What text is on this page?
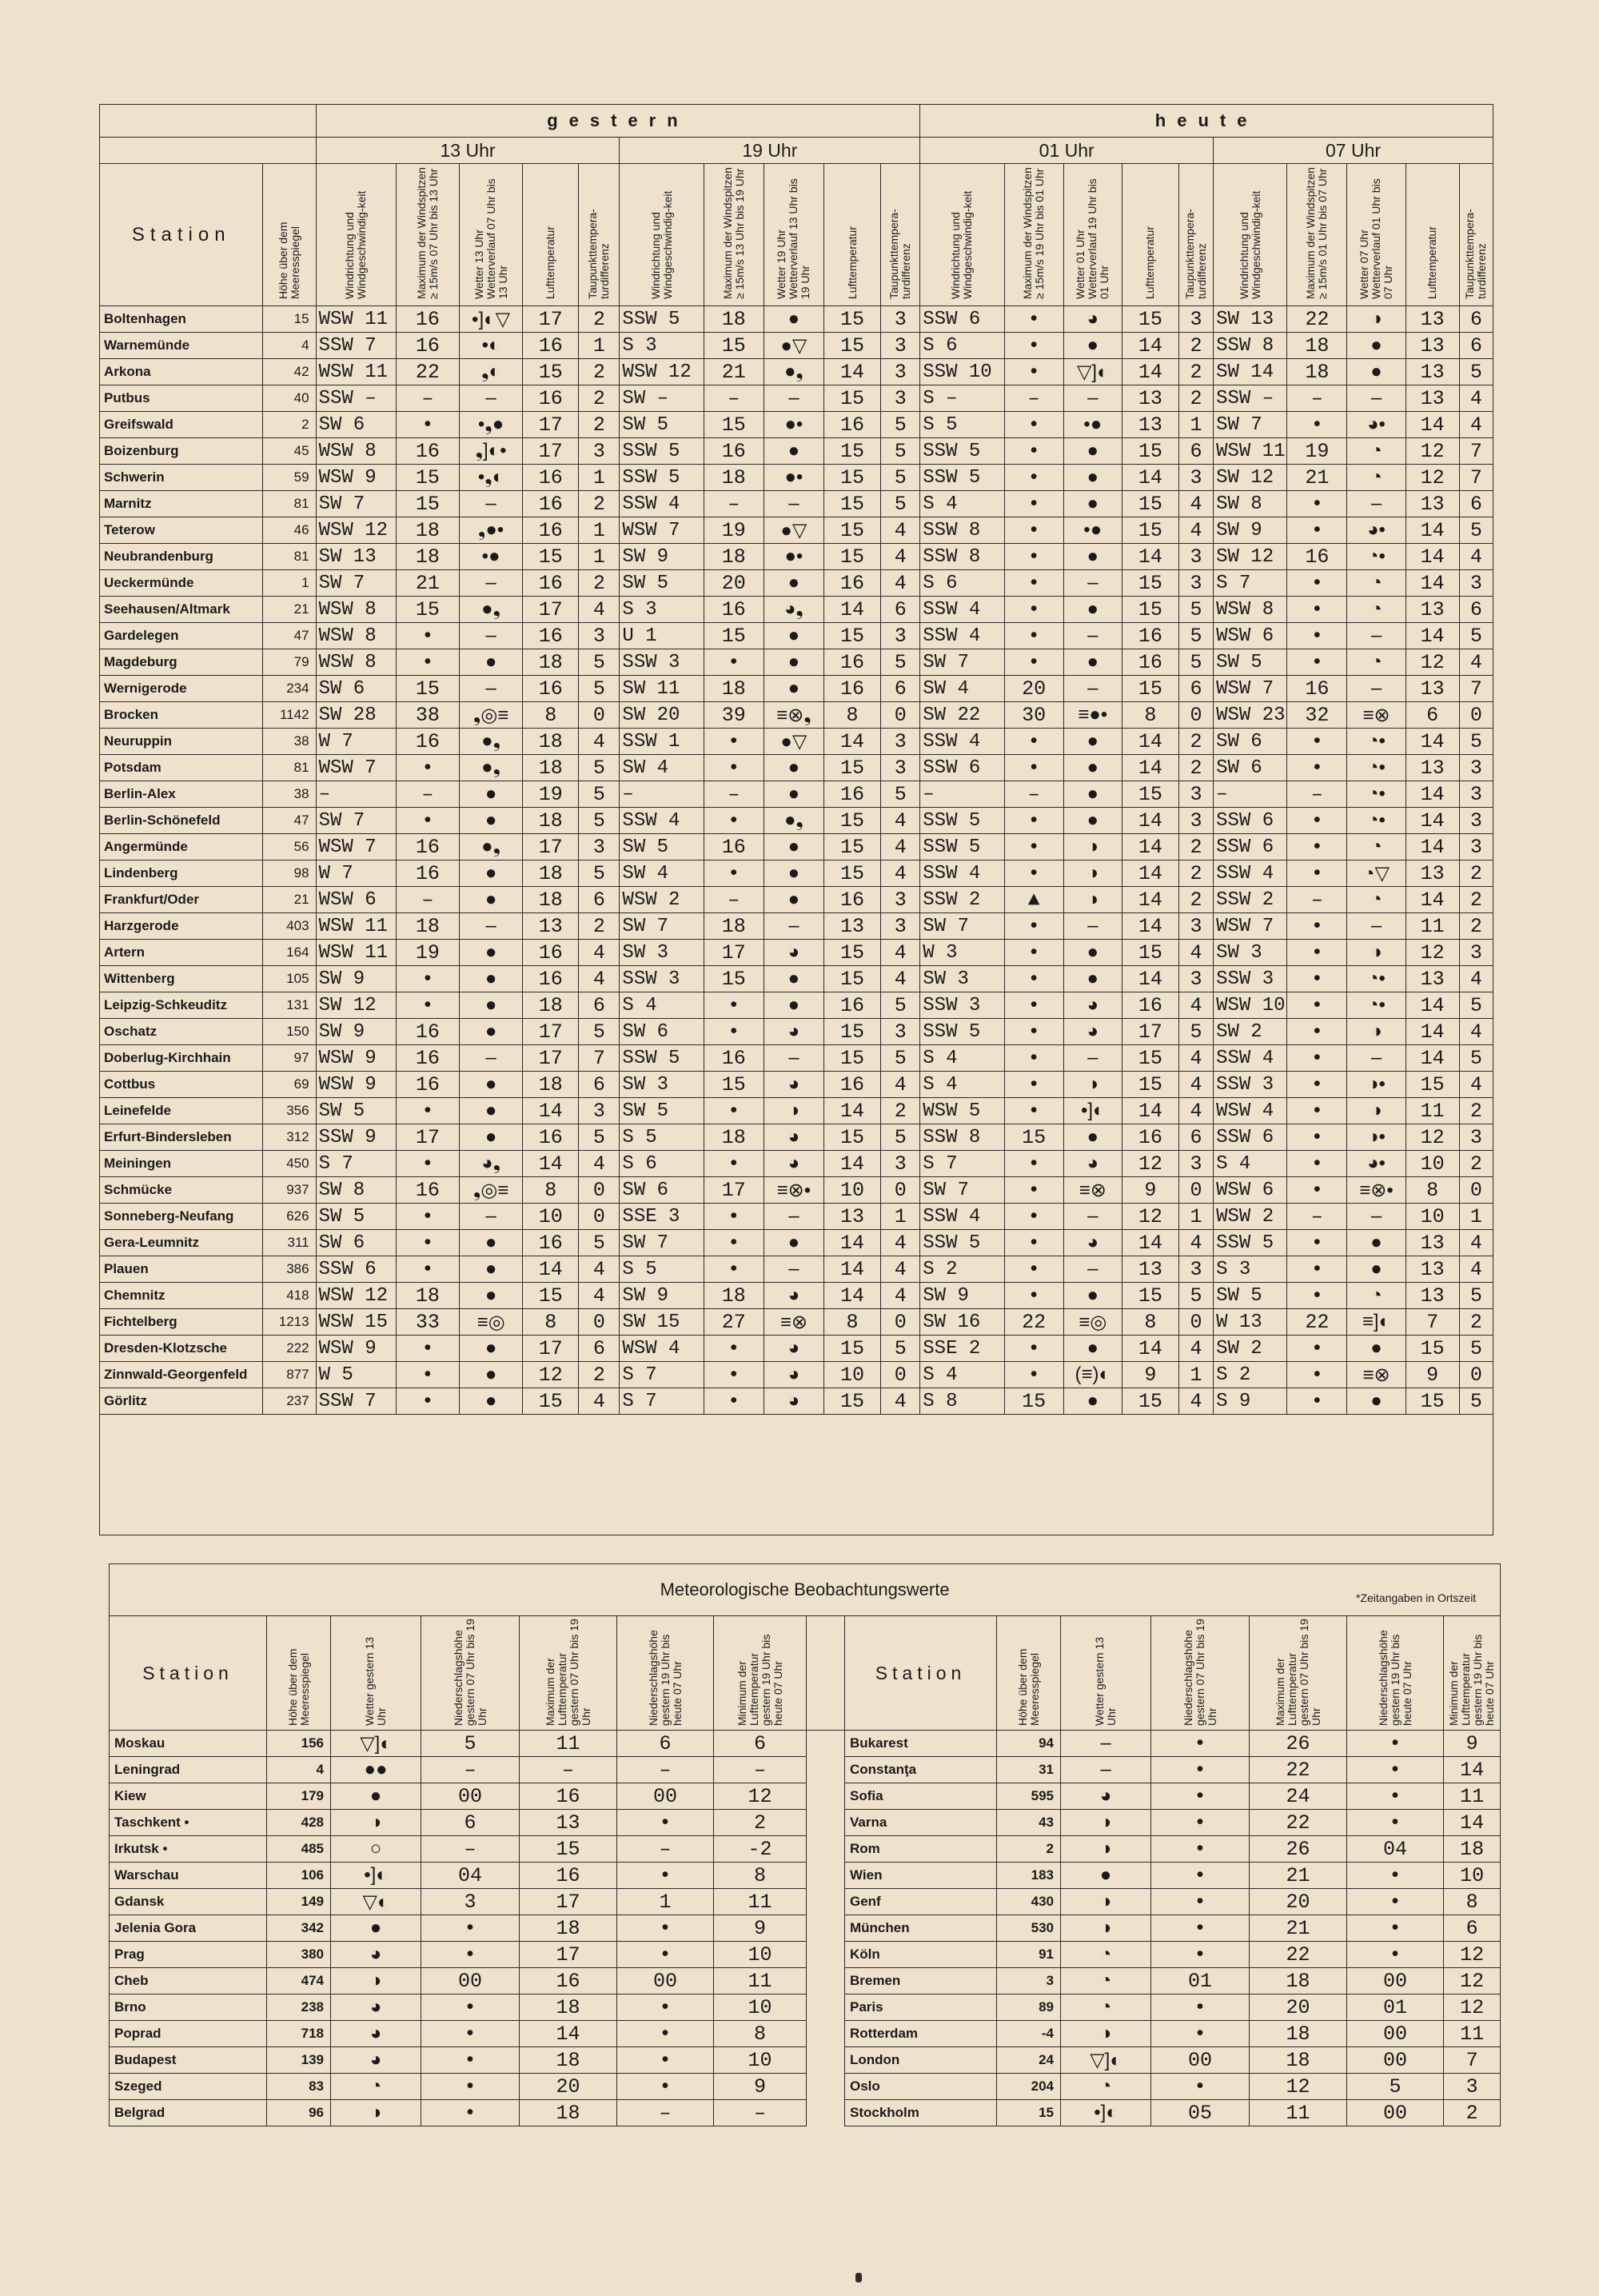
		gestern										heute									
		13 Uhr					19 Uhr					01 Uhr					07 Uhr				
Station	Höhe über dem Meeresspiegel	Windrichtung und Windgeschwindig-keit	Maximum der Windspitzen ≥ 15m/s 07 Uhr bis 13 Uhr	Wetter 13 Uhr Wetterverlauf 07 Uhr bis 13 Uhr	Lufttemperatur	Taupunkttempera-turdifferenz	Windrichtung und Windgeschwindig-keit	Maximum der Windspitzen ≥ 15m/s 13 Uhr bis 19 Uhr	Wetter 19 Uhr Wetterverlauf 13 Uhr bis 19 Uhr	Lufttemperatur	Taupunkttempera-turdifferenz	Windrichtung und Windgeschwindig-keit	Maximum der Windspitzen ≥ 15m/s 19 Uhr bis 01 Uhr	Wetter 01 Uhr Wetterverlauf 19 Uhr bis 01 Uhr	Lufttemperatur	Taupunkttempera-turdifferenz	Windrichtung und Windgeschwindig-keit	Maximum der Windspitzen ≥ 15m/s 01 Uhr bis 07 Uhr	Wetter 07 Uhr Wetterverlauf 01 Uhr bis 07 Uhr	Lufttemperatur	Taupunkttempera-turdifferenz
Boltenhagen	15	WSW 11	16	•]◐▽	17	2	SSW 5	18	●	15	3	SSW 6	•	◕	15	3	SW 13	22	◑	13	6
Warnemünde	4	SSW 7	16	•◐	16	1	S 3	15	●▽	15	3	S 6	•	●	14	2	SSW 8	18	●	13	6
Arkona	42	WSW 11	22	❟◐	15	2	WSW 12	21	●❟	14	3	SSW 10	•	▽]◐	14	2	SW 14	18	●	13	5
Putbus	40	SSW –	–	–	16	2	SW –	–	–	15	3	S –	–	–	13	2	SSW –	–	–	13	4
Greifswald	2	SW 6	•	•❟●	17	2	SW 5	15	●•	16	5	S 5	•	•●	13	1	SW 7	•	◕•	14	4
Boizenburg	45	WSW 8	16	❟]◐•	17	3	SSW 5	16	●	15	5	SSW 5	•	●	15	6	WSW 11	19	◔	12	7
Schwerin	59	WSW 9	15	•❟◐	16	1	SSW 5	18	●•	15	5	SSW 5	•	●	14	3	SW 12	21	◔	12	7
Marnitz	81	SW 7	15	–	16	2	SSW 4	–	–	15	5	S 4	•	●	15	4	SW 8	•	–	13	6
Teterow	46	WSW 12	18	❟●•	16	1	WSW 7	19	●▽	15	4	SSW 8	•	•●	15	4	SW 9	•	◕•	14	5
Neubrandenburg	81	SW 13	18	•●	15	1	SW 9	18	●•	15	4	SSW 8	•	●	14	3	SW 12	16	◔•	14	4
Ueckermünde	1	SW 7	21	–	16	2	SW 5	20	●	16	4	S 6	•	–	15	3	S 7	•	◔	14	3
Seehausen/Altmark	21	WSW 8	15	●❟	17	4	S 3	16	◕❟	14	6	SSW 4	•	●	15	5	WSW 8	•	◔	13	6
Gardelegen	47	WSW 8	•	–	16	3	U 1	15	●	15	3	SSW 4	•	–	16	5	WSW 6	•	–	14	5
Magdeburg	79	WSW 8	•	●	18	5	SSW 3	•	●	16	5	SW 7	•	●	16	5	SW 5	•	◔	12	4
Wernigerode	234	SW 6	15	–	16	5	SW 11	18	●	16	6	SW 4	20	–	15	6	WSW 7	16	–	13	7
Brocken	1142	SW 28	38	❟◎≡	8	0	SW 20	39	≡⊗❟	8	0	SW 22	30	≡●•	8	0	WSW 23	32	≡⊗	6	0
Neuruppin	38	W 7	16	●❟	18	4	SSW 1	•	●▽	14	3	SSW 4	•	●	14	2	SW 6	•	◔•	14	5
Potsdam	81	WSW 7	•	●❟	18	5	SW 4	•	●	15	3	SSW 6	•	●	14	2	SW 6	•	◔•	13	3
Berlin-Alex	38	–	–	●	19	5	–	–	●	16	5	–	–	●	15	3	–	–	◔•	14	3
Berlin-Schönefeld	47	SW 7	•	●	18	5	SSW 4	•	●❟	15	4	SSW 5	•	●	14	3	SSW 6	•	◔•	14	3
Angermünde	56	WSW 7	16	●❟	17	3	SW 5	16	●	15	4	SSW 5	•	◑	14	2	SSW 6	•	◔	14	3
Lindenberg	98	W 7	16	●	18	5	SW 4	•	●	15	4	SSW 4	•	◑	14	2	SSW 4	•	◔▽	13	2
Frankfurt/Oder	21	WSW 6	–	●	18	6	WSW 2	–	●	16	3	SSW 2	▲	◑	14	2	SSW 2	–	◔	14	2
Harzgerode	403	WSW 11	18	–	13	2	SW 7	18	–	13	3	SW 7	•	–	14	3	WSW 7	•	–	11	2
Artern	164	WSW 11	19	●	16	4	SW 3	17	◕	15	4	W 3	•	●	15	4	SW 3	•	◑	12	3
Wittenberg	105	SW 9	•	●	16	4	SSW 3	15	●	15	4	SW 3	•	●	14	3	SSW 3	•	◔•	13	4
Leipzig-Schkeuditz	131	SW 12	•	●	18	6	S 4	•	●	16	5	SSW 3	•	◕	16	4	WSW 10	•	◔•	14	5
Oschatz	150	SW 9	16	●	17	5	SW 6	•	◕	15	3	SSW 5	•	◕	17	5	SW 2	•	◑	14	4
Doberlug-Kirchhain	97	WSW 9	16	–	17	7	SSW 5	16	–	15	5	S 4	•	–	15	4	SSW 4	•	–	14	5
Cottbus	69	WSW 9	16	●	18	6	SW 3	15	◕	16	4	S 4	•	◑	15	4	SSW 3	•	◑•	15	4
Leinefelde	356	SW 5	•	●	14	3	SW 5	•	◑	14	2	WSW 5	•	•]◐	14	4	WSW 4	•	◑	11	2
Erfurt-Bindersleben	312	SSW 9	17	●	16	5	S 5	18	◕	15	5	SSW 8	15	●	16	6	SSW 6	•	◑•	12	3
Meiningen	450	S 7	•	◕❟	14	4	S 6	•	◕	14	3	S 7	•	◕	12	3	S 4	•	◕•	10	2
Schmücke	937	SW 8	16	❟◎≡	8	0	SW 6	17	≡⊗•	10	0	SW 7	•	≡⊗	9	0	WSW 6	•	≡⊗•	8	0
Sonneberg-Neufang	626	SW 5	•	–	10	0	SSE 3	•	–	13	1	SSW 4	•	–	12	1	WSW 2	–	–	10	1
Gera-Leumnitz	311	SW 6	•	●	16	5	SW 7	•	●	14	4	SSW 5	•	◕	14	4	SSW 5	•	●	13	4
Plauen	386	SSW 6	•	●	14	4	S 5	•	–	14	4	S 2	•	–	13	3	S 3	•	●	13	4
Chemnitz	418	WSW 12	18	●	15	4	SW 9	18	◕	14	4	SW 9	•	●	15	5	SW 5	•	◔	13	5
Fichtelberg	1213	WSW 15	33	≡◎	8	0	SW 15	27	≡⊗	8	0	SW 16	22	≡◎	8	0	W 13	22	≡]◐	7	2
Dresden-Klotzsche	222	WSW 9	•	●	17	6	WSW 4	•	◕	15	5	SSE 2	•	●	14	4	SW 2	•	●	15	5
Zinnwald-Georgenfeld	877	W 5	•	●	12	2	S 7	•	◕	10	0	S 4	•	(≡)◐	9	1	S 2	•	≡⊗	9	0
Görlitz	237	SSW 7	•	●	15	4	S 7	•	◕	15	4	S 8	15	●	15	4	S 9	•	●	15	5

Meteorologische Beobachtungswerte *Zeitangaben in Ortszeit														

Station	Höhe über dem Meeresspiegel	Wetter gestern 13 Uhr	Niederschlagshöhe gestern 07 Uhr bis 19 Uhr	Maximum der Lufttemperatur gestern 07 Uhr bis 19 Uhr	Niederschlagshöhe gestern 19 Uhr bis heute 07 Uhr	Minimum der Lufttemperatur gestern 19 Uhr bis heute 07 Uhr		Station	Höhe über dem Meeresspiegel	Wetter gestern 13 Uhr	Niederschlagshöhe gestern 07 Uhr bis 19 Uhr	Maximum der Lufttemperatur gestern 07 Uhr bis 19 Uhr	Niederschlagshöhe gestern 19 Uhr bis heute 07 Uhr	Minimum der Lufttemperatur gestern 19 Uhr bis heute 07 Uhr
Moskau	156	▽]◐	5	11	6	6		Bukarest	94	–	•	26	•	9
Leningrad	4	●●	–	–	–	–		Constanţa	31	–	•	22	•	14
Kiew	179	●	00	16	00	12		Sofia	595	◕	•	24	•	11
Taschkent •	428	◑	6	13	•	2		Varna	43	◑	•	22	•	14
Irkutsk •	485	○	–	15	–	-2		Rom	2	◑	•	26	04	18
Warschau	106	•]◐	04	16	•	8		Wien	183	●	•	21	•	10
Gdansk	149	▽◐	3	17	1	11		Genf	430	◑	•	20	•	8
Jelenia Gora	342	●	•	18	•	9		München	530	◑	•	21	•	6
Prag	380	◕	•	17	•	10		Köln	91	◔	•	22	•	12
Cheb	474	◑	00	16	00	11		Bremen	3	◔	01	18	00	12
Brno	238	◕	•	18	•	10		Paris	89	◔	•	20	01	12
Poprad	718	◕	•	14	•	8		Rotterdam	-4	◑	•	18	00	11
Budapest	139	◕	•	18	•	10		London	24	▽]◐	00	18	00	7
Szeged	83	◔	•	20	•	9		Oslo	204	◔	•	12	5	3
Belgrad	96	◑	•	18	–	–		Stockholm	15	•]◐	05	11	00	2
